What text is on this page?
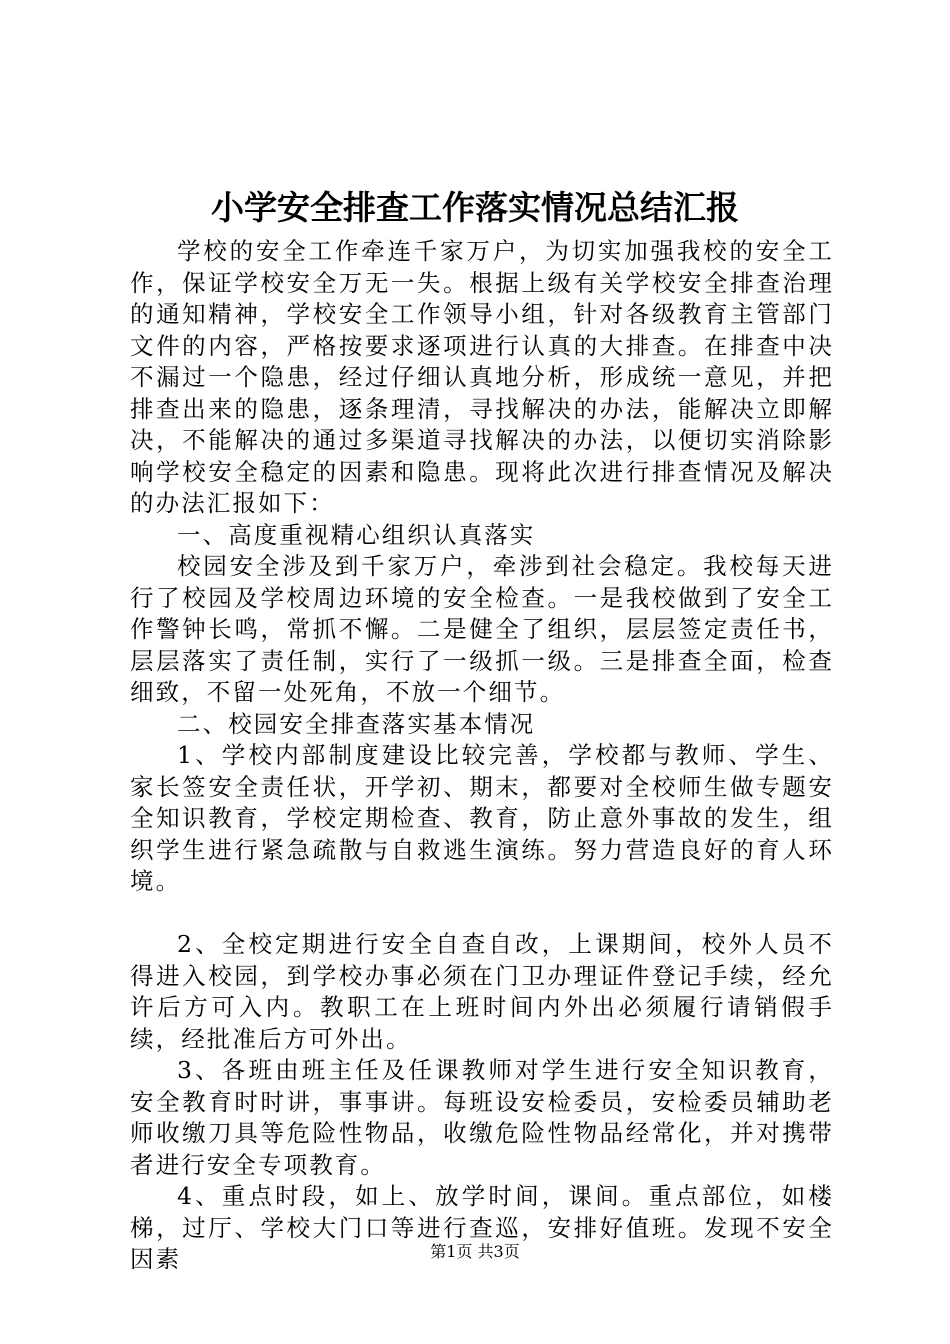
小学安全排查工作落实情况总结汇报

学校的安全工作牵连千家万户，为切实加强我校的安全工作，保证学校安全万无一失。根据上级有关学校安全排查治理的通知精神，学校安全工作领导小组，针对各级教育主管部门文件的内容，严格按要求逐项进行认真的大排查。在排查中决不漏过一个隐患，经过仔细认真地分析，形成统一意见，并把排查出来的隐患，逐条理清，寻找解决的办法，能解决立即解决，不能解决的通过多渠道寻找解决的办法，以便切实消除影响学校安全稳定的因素和隐患。现将此次进行排查情况及解决的办法汇报如下：

一、高度重视精心组织认真落实

校园安全涉及到千家万户，牵涉到社会稳定。我校每天进行了校园及学校周边环境的安全检查。一是我校做到了安全工作警钟长鸣，常抓不懈。二是健全了组织，层层签定责任书，层层落实了责任制，实行了一级抓一级。三是排查全面，检查细致，不留一处死角，不放一个细节。

二、校园安全排查落实基本情况

1、学校内部制度建设比较完善，学校都与教师、学生、家长签安全责任状，开学初、期末，都要对全校师生做专题安全知识教育，学校定期检查、教育，防止意外事故的发生，组织学生进行紧急疏散与自救逃生演练。努力营造良好的育人环境。

2、全校定期进行安全自查自改，上课期间，校外人员不得进入校园，到学校办事必须在门卫办理证件登记手续，经允许后方可入内。教职工在上班时间内外出必须履行请销假手续，经批准后方可外出。

3、各班由班主任及任课教师对学生进行安全知识教育，安全教育时时讲，事事讲。每班设安检委员，安检委员辅助老师收缴刀具等危险性物品，收缴危险性物品经常化，并对携带者进行安全专项教育。

4、重点时段，如上、放学时间，课间。重点部位，如楼梯，过厅、学校大门口等进行查巡，安排好值班。发现不安全因素	第1页 共3页
